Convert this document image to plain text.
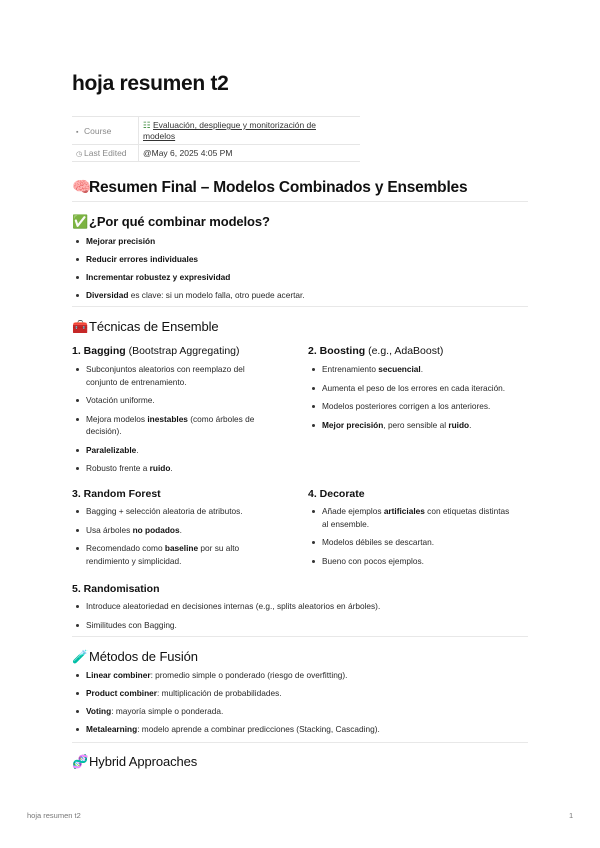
hoja resumen t2
▪ Course	☷ Evaluación, despliegue y monitorización de
modelos
◷ Last Edited	@May 6, 2025 4:05 PM
🧠Resumen Final – Modelos Combinados y Ensembles
✅¿Por qué combinar modelos?
Mejorar precisión
Reducir errores individuales
Incrementar robustez y expresividad
Diversidad es clave: si un modelo falla, otro puede acertar.
🧰Técnicas de Ensemble
1. Bagging (Bootstrap Aggregating)
Subconjuntos aleatorios con reemplazo del
conjunto de entrenamiento.
Votación uniforme.
Mejora modelos inestables (como árboles de
decisión).
Paralelizable.
Robusto frente a ruido.
2. Boosting (e.g., AdaBoost)
Entrenamiento secuencial.
Aumenta el peso de los errores en cada iteración.
Modelos posteriores corrigen a los anteriores.
Mejor precisión, pero sensible al ruido.
3. Random Forest
Bagging + selección aleatoria de atributos.
Usa árboles no podados.
Recomendado como baseline por su alto
rendimiento y simplicidad.
4. Decorate
Añade ejemplos artificiales con etiquetas distintas
al ensemble.
Modelos débiles se descartan.
Bueno con pocos ejemplos.
5. Randomisation
Introduce aleatoriedad en decisiones internas (e.g., splits aleatorios en árboles).
Similitudes con Bagging.
🧪Métodos de Fusión
Linear combiner: promedio simple o ponderado (riesgo de overfitting).
Product combiner: multiplicación de probabilidades.
Voting: mayoría simple o ponderada.
Metalearning: modelo aprende a combinar predicciones (Stacking, Cascading).
🧬Hybrid Approaches
hoja resumen t2	1
